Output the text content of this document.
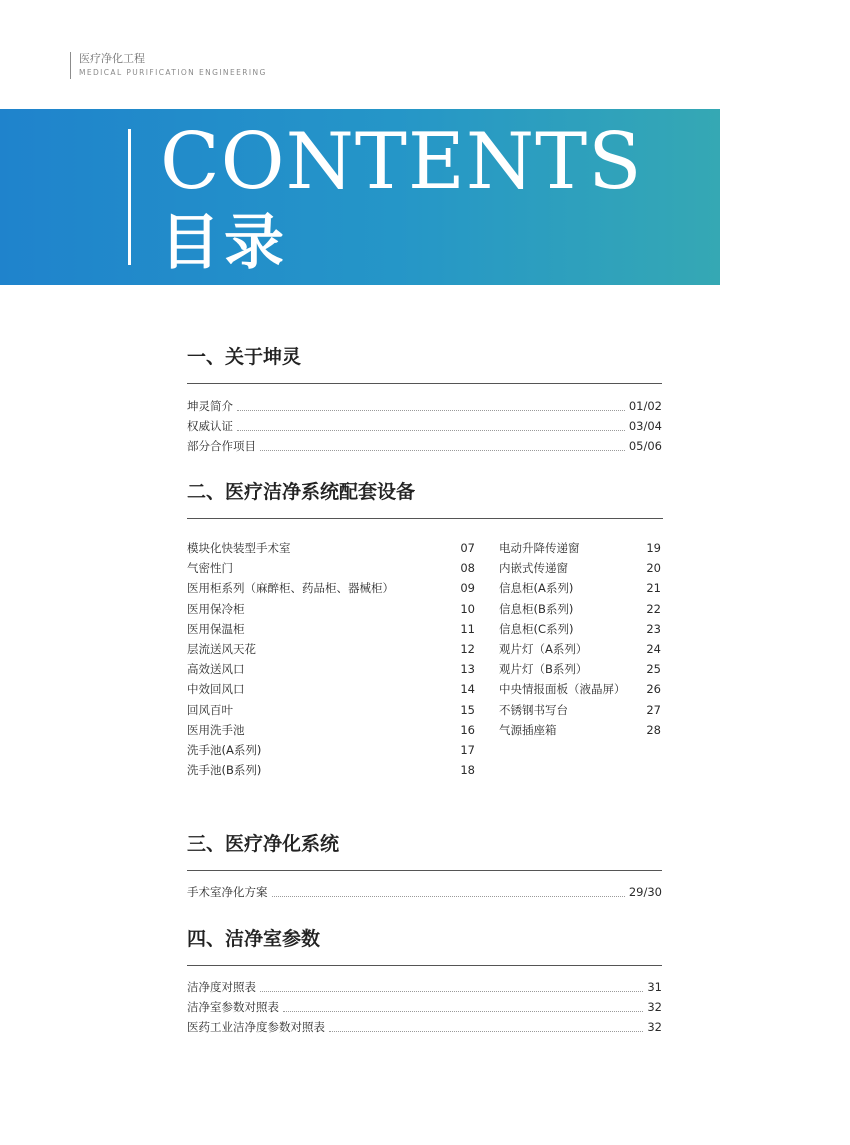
医疗净化工程
MEDICAL PURIFICATION ENGINEERING
CONTENTS
目录
一、关于坤灵
坤灵简介	01/02
权威认证	03/04
部分合作项目	05/06
二、医疗洁净系统配套设备
模块化快装型手术室	07
气密性门	08
医用柜系列（麻醉柜、药品柜、器械柜）	09
医用保冷柜	10
医用保温柜	11
层流送风天花	12
高效送风口	13
中效回风口	14
回风百叶	15
医用洗手池	16
洗手池(A系列)	17
洗手池(B系列)	18
电动升降传递窗	19
内嵌式传递窗	20
信息柜(A系列)	21
信息柜(B系列)	22
信息柜(C系列)	23
观片灯（A系列）	24
观片灯（B系列）	25
中央情报面板（液晶屏） 26
不锈钢书写台	27
气源插座箱	28
三、医疗净化系统
手术室净化方案	29/30
四、洁净室参数
洁净度对照表	31
洁净室参数对照表	32
医药工业洁净度参数对照表	32
